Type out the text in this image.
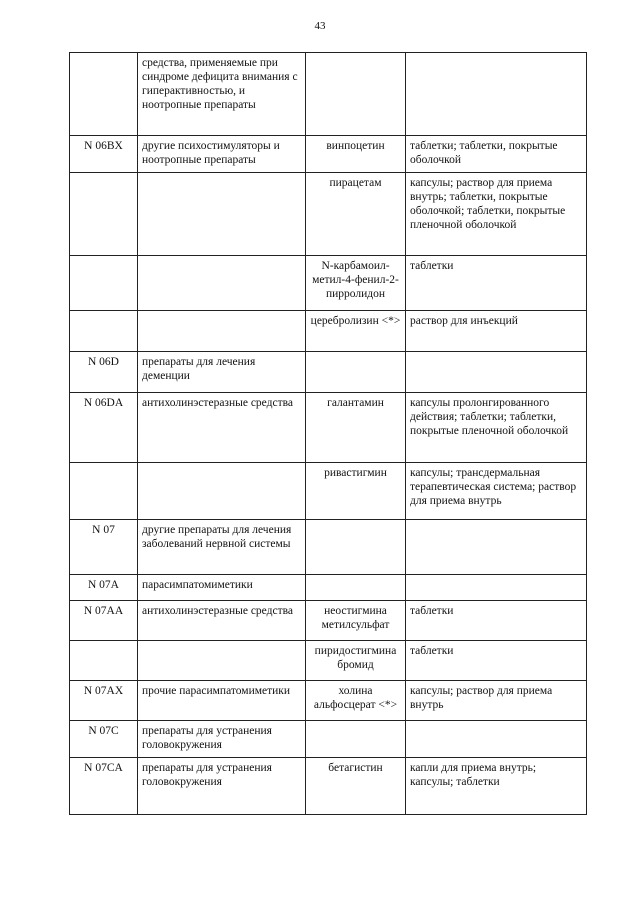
43
	средства, применяемые при синдроме дефицита внимания с гиперактивностью, и ноотропные препараты		
N 06BX	другие психостимуляторы и ноотропные препараты	винпоцетин	таблетки; таблетки, покрытые оболочкой
		пирацетам	капсулы; раствор для приема внутрь; таблетки, покрытые оболочкой; таблетки, покрытые пленочной оболочкой
		N-карбамоил-метил-4-фенил-2-пирролидон	таблетки
		церебролизин <*>	раствор для инъекций
N 06D	препараты для лечения деменции		
N 06DA	антихолинэстеразные средства	галантамин	капсулы пролонгированного действия; таблетки; таблетки, покрытые пленочной оболочкой
		ривастигмин	капсулы; трансдермальная терапевтическая система; раствор для приема внутрь
N 07	другие препараты для лечения заболеваний нервной системы		
N 07A	парасимпатомиметики		
N 07AA	антихолинэстеразные средства	неостигмина метилсульфат	таблетки
		пиридостигмина бромид	таблетки
N 07AX	прочие парасимпатомиметики	холина альфосцерат <*>	капсулы; раствор для приема внутрь
N 07C	препараты для устранения головокружения		
N 07CA	препараты для устранения головокружения	бетагистин	капли для приема внутрь; капсулы; таблетки
